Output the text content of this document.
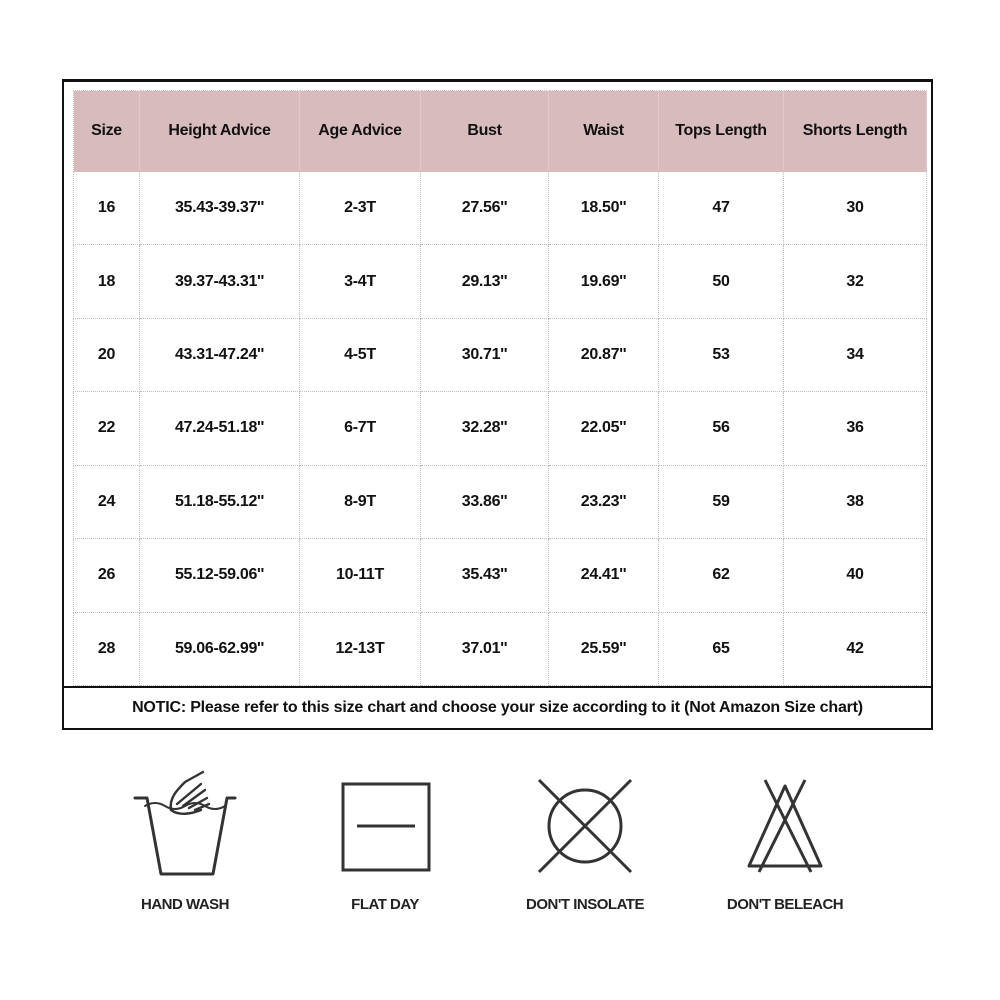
Size	Height Advice	Age Advice	Bust	Waist	Tops Length	Shorts Length
16	35.43-39.37''	2-3T	27.56''	18.50''	47	30
18	39.37-43.31''	3-4T	29.13''	19.69''	50	32
20	43.31-47.24''	4-5T	30.71''	20.87''	53	34
22	47.24-51.18''	6-7T	32.28''	22.05''	56	36
24	51.18-55.12''	8-9T	33.86''	23.23''	59	38
26	55.12-59.06''	10-11T	35.43''	24.41''	62	40
28	59.06-62.99''	12-13T	37.01''	25.59''	65	42
NOTIC: Please refer to this size chart and choose your size according to it (Not Amazon Size chart)
HAND WASH	FLAT DAY	DON'T INSOLATE	DON'T BELEACH
